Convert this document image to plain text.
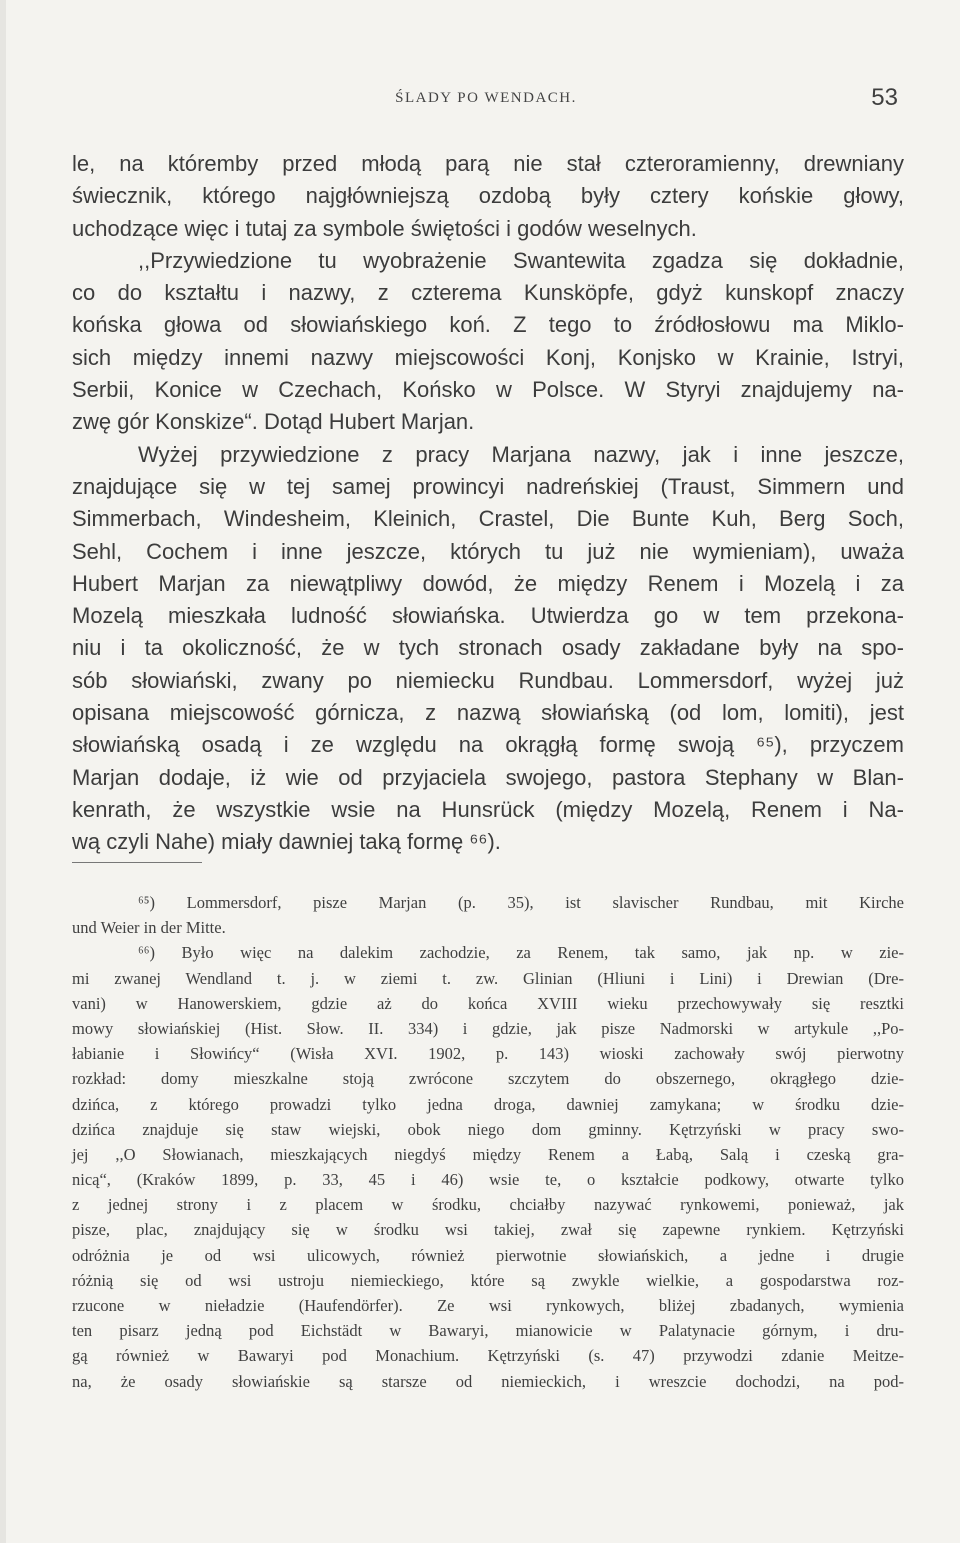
ŚLADY PO WENDACH.	53
le, na któremby przed młodą parą nie stał czteroramienny, drewniany
świecznik, którego najgłówniejszą ozdobą były cztery końskie głowy,
uchodzące więc i tutaj za symbole świętości i godów weselnych.
,,Przywiedzione tu wyobrażenie Swantewita zgadza się dokładnie,
co do kształtu i nazwy, z czterema Kunsköpfe, gdyż kunskopf znaczy
końska głowa od słowiańskiego koń. Z tego to źródłosłowu ma Miklo-
sich między innemi nazwy miejscowości Konj, Konjsko w Krainie, Istryi,
Serbii, Konice w Czechach, Końsko w Polsce. W Styryi znajdujemy na-
zwę gór Konskize“. Dotąd Hubert Marjan.
Wyżej przywiedzione z pracy Marjana nazwy, jak i inne jeszcze,
znajdujące się w tej samej prowincyi nadreńskiej (Traust, Simmern und
Simmerbach, Windesheim, Kleinich, Crastel, Die Bunte Kuh, Berg Soch,
Sehl, Cochem i inne jeszcze, których tu już nie wymieniam), uważa
Hubert Marjan za niewątpliwy dowód, że między Renem i Mozelą i za
Mozelą mieszkała ludność słowiańska. Utwierdza go w tem przekona-
niu i ta okoliczność, że w tych stronach osady zakładane były na spo-
sób słowiański, zwany po niemiecku Rundbau. Lommersdorf, wyżej już
opisana miejscowość górnicza, z nazwą słowiańską (od lom, lomiti), jest
słowiańską osadą i ze względu na okrągłą formę swoją ⁶⁵), przyczem
Marjan dodaje, iż wie od przyjaciela swojego, pastora Stephany w Blan-
kenrath, że wszystkie wsie na Hunsrück (między Mozelą, Renem i Na-
wą czyli Nahe) miały dawniej taką formę ⁶⁶).
⁶⁵) Lommersdorf, pisze Marjan (p. 35), ist slavischer Rundbau, mit Kirche
und Weier in der Mitte.
⁶⁶) Było więc na dalekim zachodzie, za Renem, tak samo, jak np. w zie-
mi zwanej Wendland t. j. w ziemi t. zw. Glinian (Hliuni i Lini) i Drewian (Dre-
vani) w Hanowerskiem, gdzie aż do końca XVIII wieku przechowywały się resztki
mowy słowiańskiej (Hist. Słow. II. 334) i gdzie, jak pisze Nadmorski w artykule ,,Po-
łabianie i Słowińcy“ (Wisła XVI. 1902, p. 143) wioski zachowały swój pierwotny
rozkład: domy mieszkalne stoją zwrócone szczytem do obszernego, okrągłego dzie-
dzińca, z którego prowadzi tylko jedna droga, dawniej zamykana; w środku dzie-
dzińca znajduje się staw wiejski, obok niego dom gminny. Kętrzyński w pracy swo-
jej ,,O Słowianach, mieszkających niegdyś między Renem a Łabą, Salą i czeską gra-
nicą“, (Kraków 1899, p. 33, 45 i 46) wsie te, o kształcie podkowy, otwarte tylko
z jednej strony i z placem w środku, chciałby nazywać rynkowemi, ponieważ, jak
pisze, plac, znajdujący się w środku wsi takiej, zwał się zapewne rynkiem. Kętrzyński
odróżnia je od wsi ulicowych, również pierwotnie słowiańskich, a jedne i drugie
różnią się od wsi ustroju niemieckiego, które są zwykle wielkie, a gospodarstwa roz-
rzucone w nieładzie (Haufendörfer). Ze wsi rynkowych, bliżej zbadanych, wymienia
ten pisarz jedną pod Eichstädt w Bawaryi, mianowicie w Palatynacie górnym, i dru-
gą również w Bawaryi pod Monachium. Kętrzyński (s. 47) przywodzi zdanie Meitze-
na, że osady słowiańskie są starsze od niemieckich, i wreszcie dochodzi, na pod-
